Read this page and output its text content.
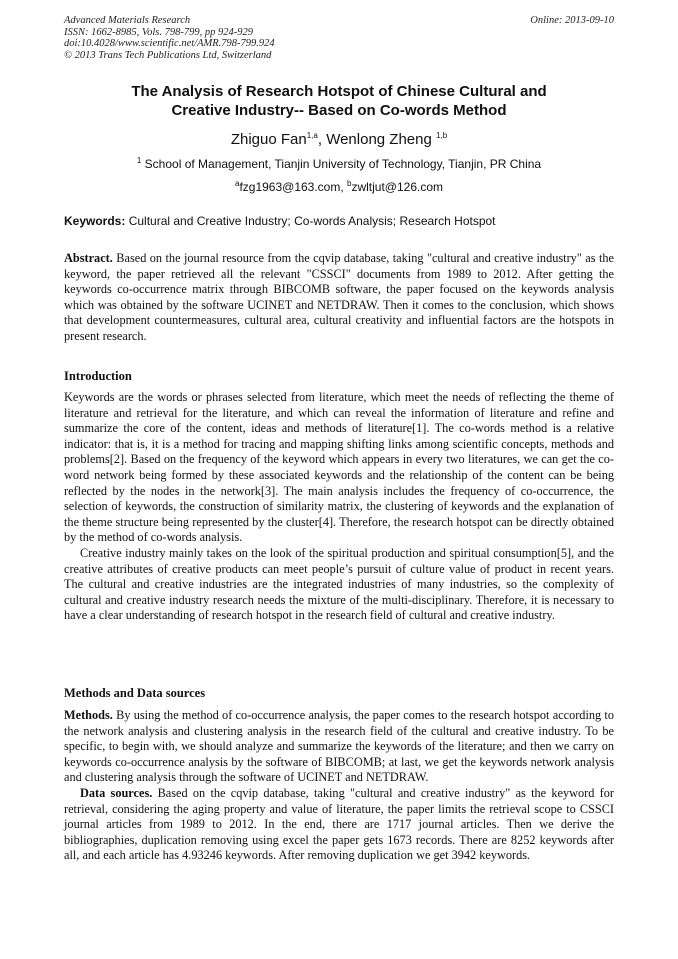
Advanced Materials Research
ISSN: 1662-8985, Vols. 798-799, pp 924-929
doi:10.4028/www.scientific.net/AMR.798-799.924
© 2013 Trans Tech Publications Ltd, Switzerland
Online: 2013-09-10
The Analysis of Research Hotspot of Chinese Cultural and
Creative Industry-- Based on Co-words Method
Zhiguo Fan$^{1,a}$, Wenlong Zheng $^{1,b}$
$^1$ School of Management, Tianjin University of Technology, Tianjin, PR China
$^a$fzg1963@163.com, $^b$zwltjut@126.com
Keywords: Cultural and Creative Industry; Co-words Analysis; Research Hotspot

Abstract. Based on the journal resource from the cqvip database, taking "cultural and creative industry" as the keyword, the paper retrieved all the relevant "CSSCI" documents from 1989 to 2012. After getting the keywords co-occurrence matrix through BIBCOMB software, the paper focused on the keywords analysis which was obtained by the software UCINET and NETDRAW. Then it comes to the conclusion, which shows that development countermeasures, cultural area, cultural creativity and influential factors are the hotspots in present research.

Introduction

Keywords are the words or phrases selected from literature, which meet the needs of reflecting the theme of literature and retrieval for the literature, and which can reveal the information of literature and refine and summarize the core of the content, ideas and methods of literature[1]. The co-words method is a relative indicator: that is, it is a method for tracing and mapping shifting links among scientific concepts, methods and problems[2]. Based on the frequency of the keyword which appears in every two literatures, we can get the co-word network being formed by these associated keywords and the relationship of the content can be being reflected by the nodes in the network[3]. The main analysis includes the frequency of co-occurrence, the selection of keywords, the construction of similarity matrix, the clustering of keywords and the explanation of the theme structure being represented by the cluster[4]. Therefore, the research hotspot can be directly obtained by the method of co-words analysis.

Creative industry mainly takes on the look of the spiritual production and spiritual consumption[5], and the creative attributes of creative products can meet people’s pursuit of culture value of product in recent years. The cultural and creative industries are the integrated industries of many industries, so the complexity of cultural and creative industry research needs the mixture of the multi-disciplinary. Therefore, it is necessary to have a clear understanding of research hotspot in the research field of cultural and creative industry.

Methods and Data sources

Methods. By using the method of co-occurrence analysis, the paper comes to the research hotspot according to the network analysis and clustering analysis in the research field of the cultural and creative industry. To be specific, to begin with, we should analyze and summarize the keywords of the literature; and then we carry on keywords co-occurrence analysis by the software of BIBCOMB; at last, we get the keywords network analysis and clustering analysis through the software of UCINET and NETDRAW.

Data sources. Based on the cqvip database, taking "cultural and creative industry" as the keyword for retrieval, considering the aging property and value of literature, the paper limits the retrieval scope to CSSCI journal articles from 1989 to 2012. In the end, there are 1717 journal articles. Then we derive the bibliographies, duplication removing using excel the paper gets 1673 records. There are 8252 keywords after all, and each article has 4.93246 keywords. After removing duplication we get 3942 keywords.
